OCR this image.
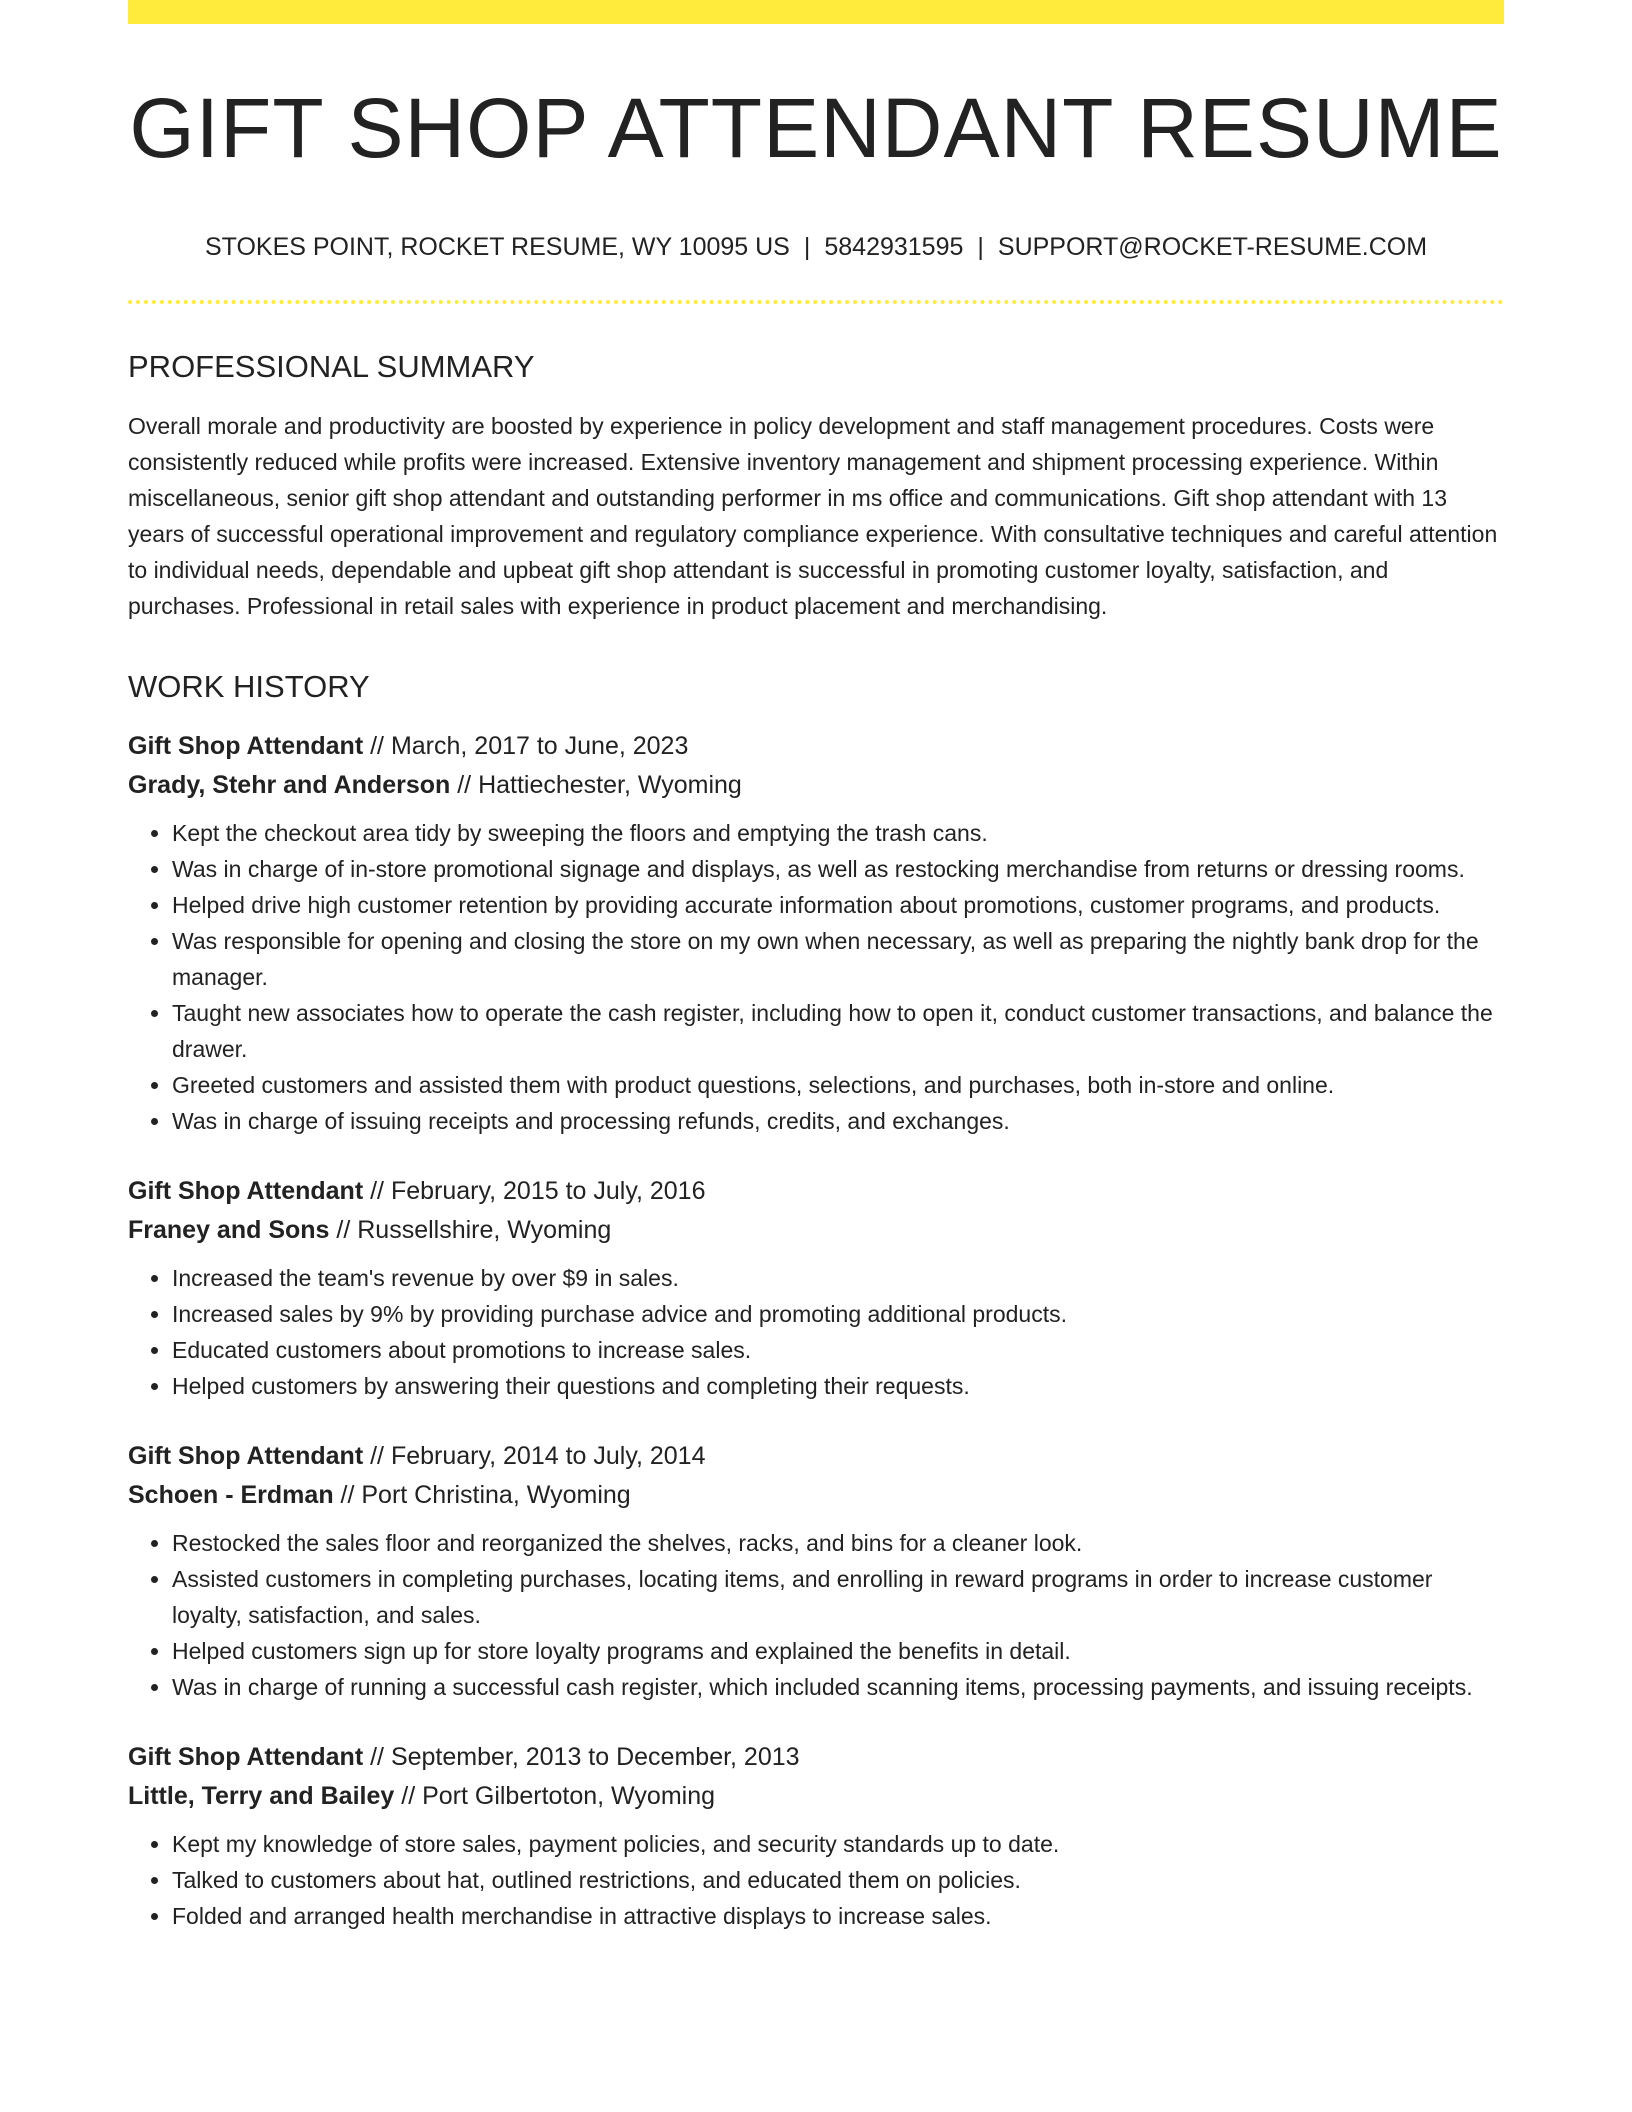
GIFT SHOP ATTENDANT RESUME
STOKES POINT, ROCKET RESUME, WY 10095 US | 5842931595 | SUPPORT@ROCKET-RESUME.COM
PROFESSIONAL SUMMARY

Overall morale and productivity are boosted by experience in policy development and staff management procedures. Costs were consistently reduced while profits were increased. Extensive inventory management and shipment processing experience. Within miscellaneous, senior gift shop attendant and outstanding performer in ms office and communications. Gift shop attendant with 13 years of successful operational improvement and regulatory compliance experience. With consultative techniques and careful attention to individual needs, dependable and upbeat gift shop attendant is successful in promoting customer loyalty, satisfaction, and purchases. Professional in retail sales with experience in product placement and merchandising.

WORK HISTORY
Gift Shop Attendant // March, 2017 to June, 2023
Grady, Stehr and Anderson // Hattiechester, Wyoming
• Kept the checkout area tidy by sweeping the floors and emptying the trash cans.
• Was in charge of in-store promotional signage and displays, as well as restocking merchandise from returns or dressing rooms.
• Helped drive high customer retention by providing accurate information about promotions, customer programs, and products.
• Was responsible for opening and closing the store on my own when necessary, as well as preparing the nightly bank drop for the manager.
• Taught new associates how to operate the cash register, including how to open it, conduct customer transactions, and balance the drawer.
• Greeted customers and assisted them with product questions, selections, and purchases, both in-store and online.
• Was in charge of issuing receipts and processing refunds, credits, and exchanges.
Gift Shop Attendant // February, 2015 to July, 2016
Franey and Sons // Russellshire, Wyoming
• Increased the team's revenue by over $9 in sales.
• Increased sales by 9% by providing purchase advice and promoting additional products.
• Educated customers about promotions to increase sales.
• Helped customers by answering their questions and completing their requests.
Gift Shop Attendant // February, 2014 to July, 2014
Schoen - Erdman // Port Christina, Wyoming
• Restocked the sales floor and reorganized the shelves, racks, and bins for a cleaner look.
• Assisted customers in completing purchases, locating items, and enrolling in reward programs in order to increase customer loyalty, satisfaction, and sales.
• Helped customers sign up for store loyalty programs and explained the benefits in detail.
• Was in charge of running a successful cash register, which included scanning items, processing payments, and issuing receipts.
Gift Shop Attendant // September, 2013 to December, 2013
Little, Terry and Bailey // Port Gilbertoton, Wyoming
• Kept my knowledge of store sales, payment policies, and security standards up to date.
• Talked to customers about hat, outlined restrictions, and educated them on policies.
• Folded and arranged health merchandise in attractive displays to increase sales.
